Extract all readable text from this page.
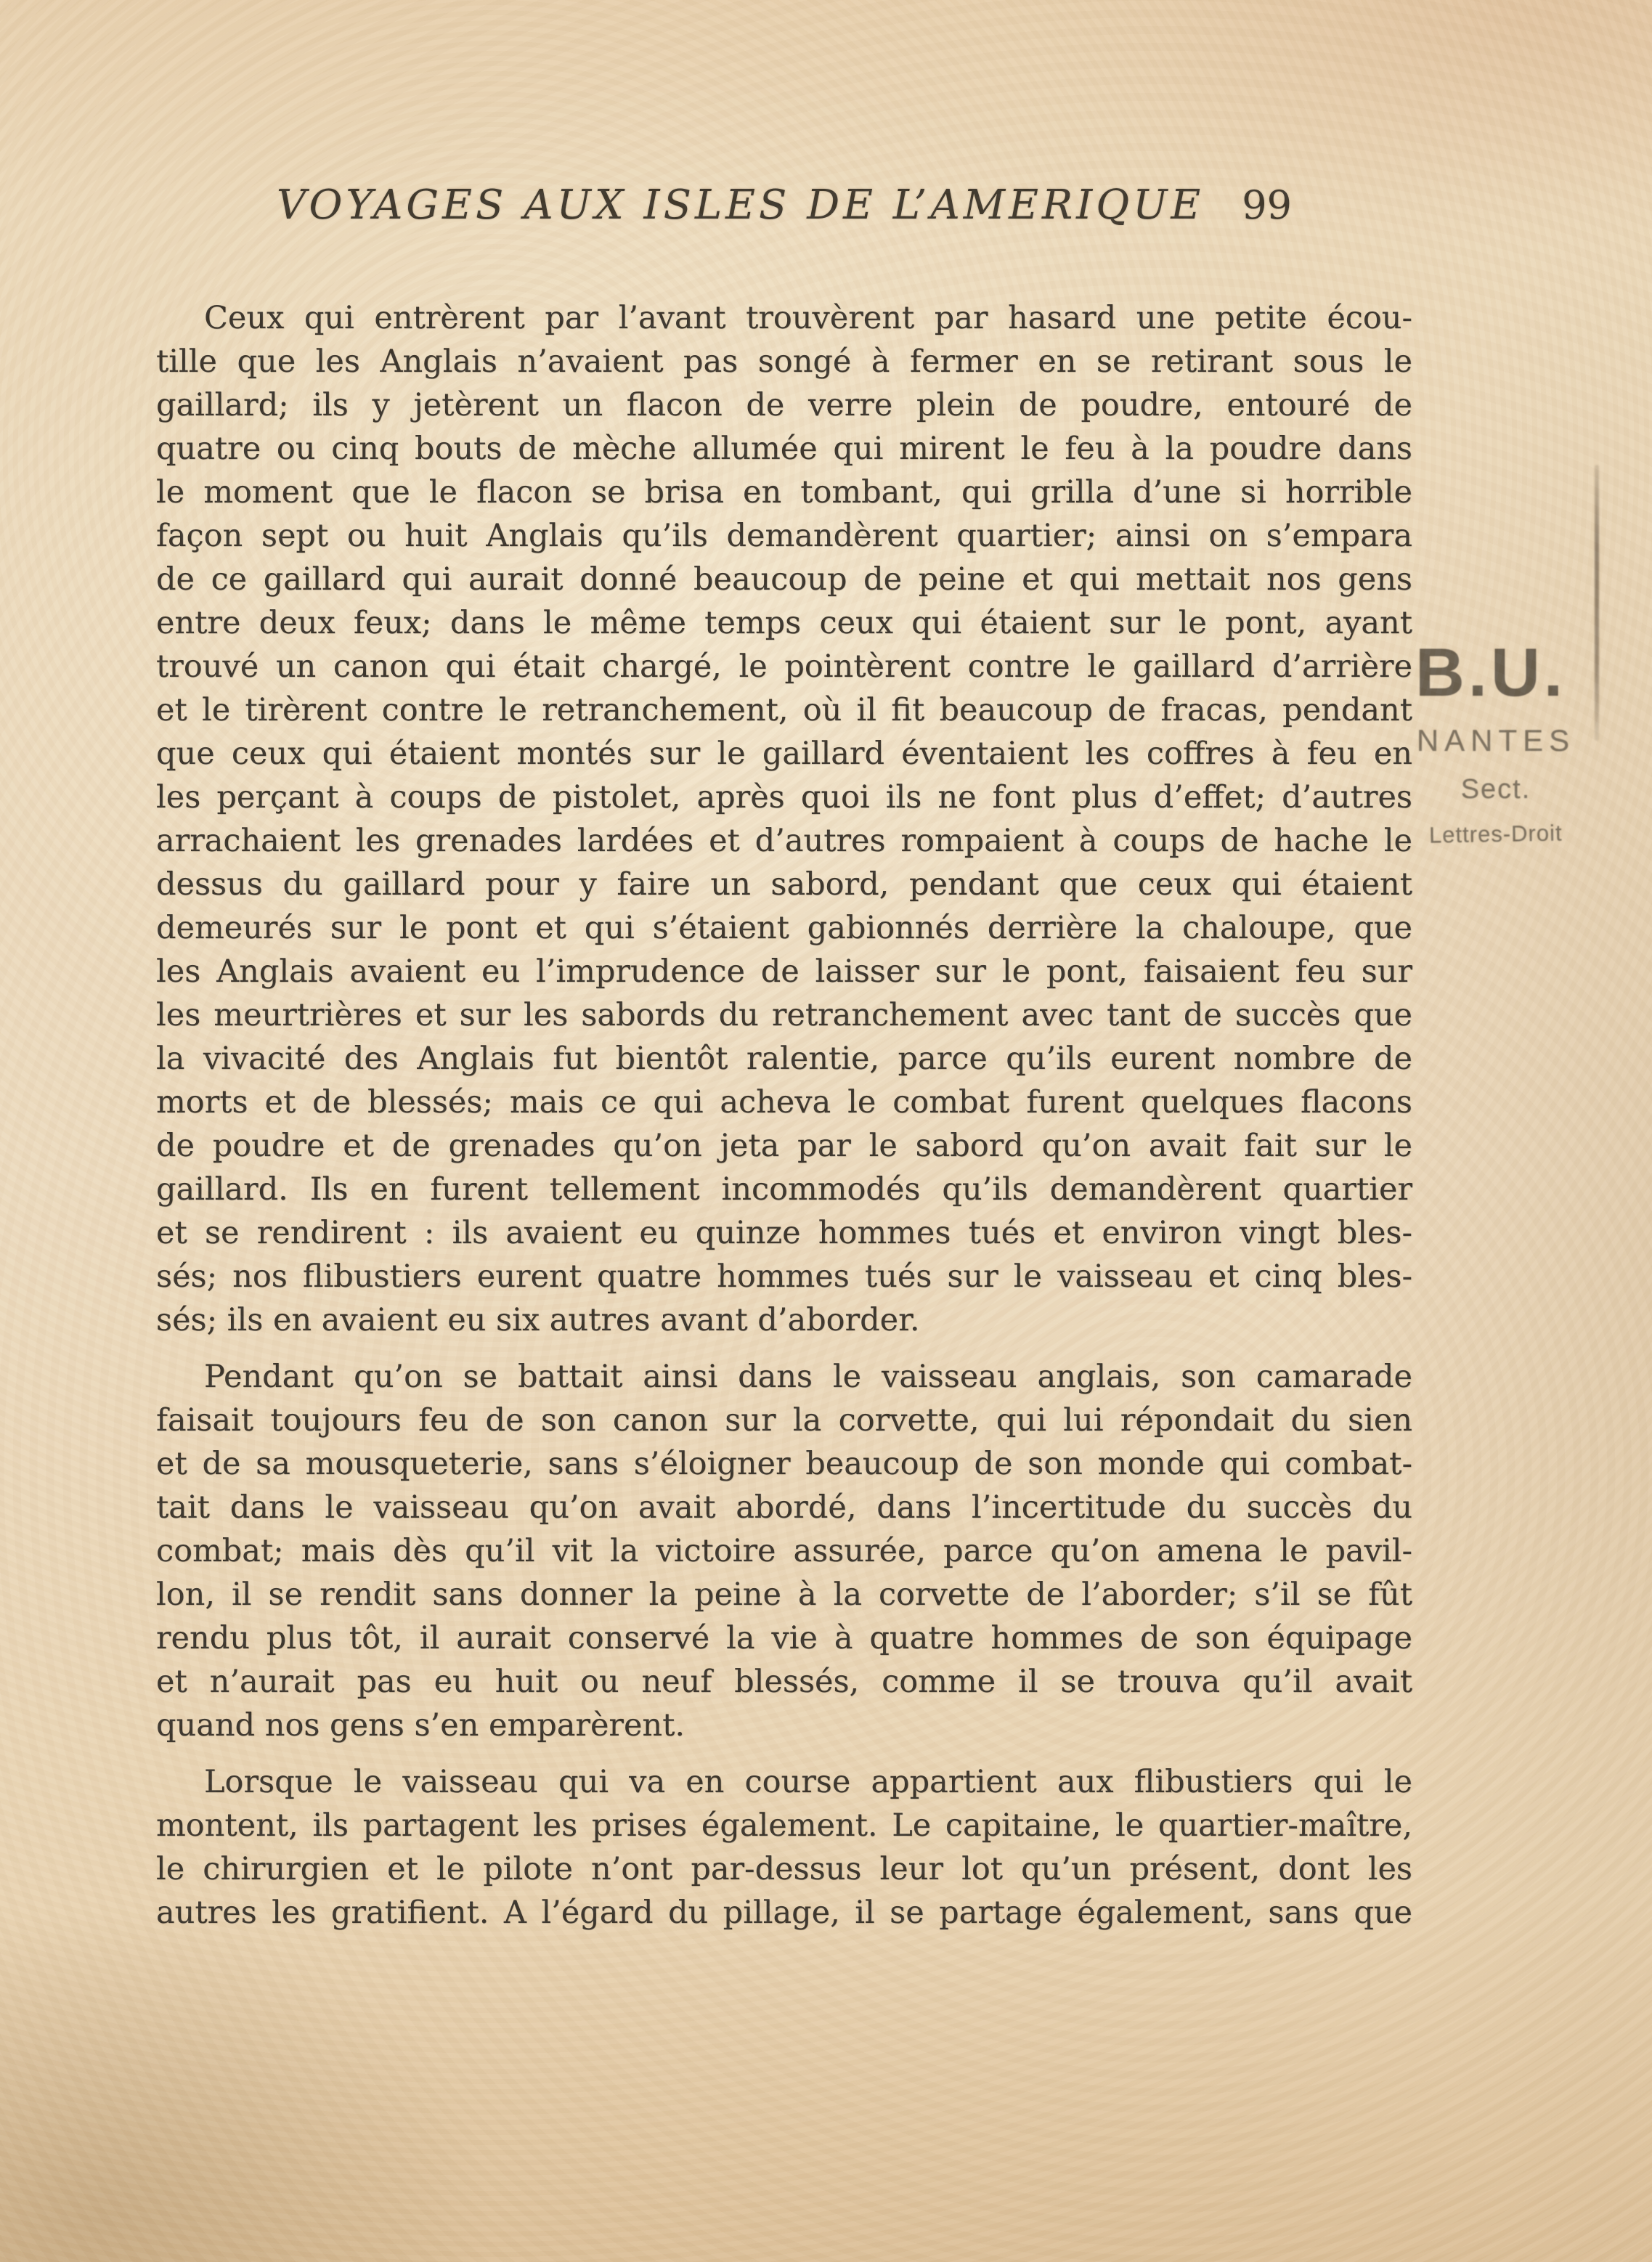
VOYAGES AUX ISLES DE L’AMERIQUE 99
Ceux qui entrèrent par l’avant trouvèrent par hasard une petite écou-
tille que les Anglais n’avaient pas songé à fermer en se retirant sous le
gaillard; ils y jetèrent un flacon de verre plein de poudre, entouré de
quatre ou cinq bouts de mèche allumée qui mirent le feu à la poudre dans
le moment que le flacon se brisa en tombant, qui grilla d’une si horrible
façon sept ou huit Anglais qu’ils demandèrent quartier; ainsi on s’empara
de ce gaillard qui aurait donné beaucoup de peine et qui mettait nos gens
entre deux feux; dans le même temps ceux qui étaient sur le pont, ayant
trouvé un canon qui était chargé, le pointèrent contre le gaillard d’arrière
et le tirèrent contre le retranchement, où il fit beaucoup de fracas, pendant
que ceux qui étaient montés sur le gaillard éventaient les coffres à feu en
les perçant à coups de pistolet, après quoi ils ne font plus d’effet; d’autres
arrachaient les grenades lardées et d’autres rompaient à coups de hache le
dessus du gaillard pour y faire un sabord, pendant que ceux qui étaient
demeurés sur le pont et qui s’étaient gabionnés derrière la chaloupe, que
les Anglais avaient eu l’imprudence de laisser sur le pont, faisaient feu sur
les meurtrières et sur les sabords du retranchement avec tant de succès que
la vivacité des Anglais fut bientôt ralentie, parce qu’ils eurent nombre de
morts et de blessés; mais ce qui acheva le combat furent quelques flacons
de poudre et de grenades qu’on jeta par le sabord qu’on avait fait sur le
gaillard. Ils en furent tellement incommodés qu’ils demandèrent quartier
et se rendirent : ils avaient eu quinze hommes tués et environ vingt bles-
sés; nos flibustiers eurent quatre hommes tués sur le vaisseau et cinq bles-
sés; ils en avaient eu six autres avant d’aborder.
Pendant qu’on se battait ainsi dans le vaisseau anglais, son camarade
faisait toujours feu de son canon sur la corvette, qui lui répondait du sien
et de sa mousqueterie, sans s’éloigner beaucoup de son monde qui combat-
tait dans le vaisseau qu’on avait abordé, dans l’incertitude du succès du
combat; mais dès qu’il vit la victoire assurée, parce qu’on amena le pavil-
lon, il se rendit sans donner la peine à la corvette de l’aborder; s’il se fût
rendu plus tôt, il aurait conservé la vie à quatre hommes de son équipage
et n’aurait pas eu huit ou neuf blessés, comme il se trouva qu’il avait
quand nos gens s’en emparèrent.
Lorsque le vaisseau qui va en course appartient aux flibustiers qui le
montent, ils partagent les prises également. Le capitaine, le quartier-maître,
le chirurgien et le pilote n’ont par-dessus leur lot qu’un présent, dont les
autres les gratifient. A l’égard du pillage, il se partage également, sans que
B.U.
NANTES
Sect.
Lettres-Droit
